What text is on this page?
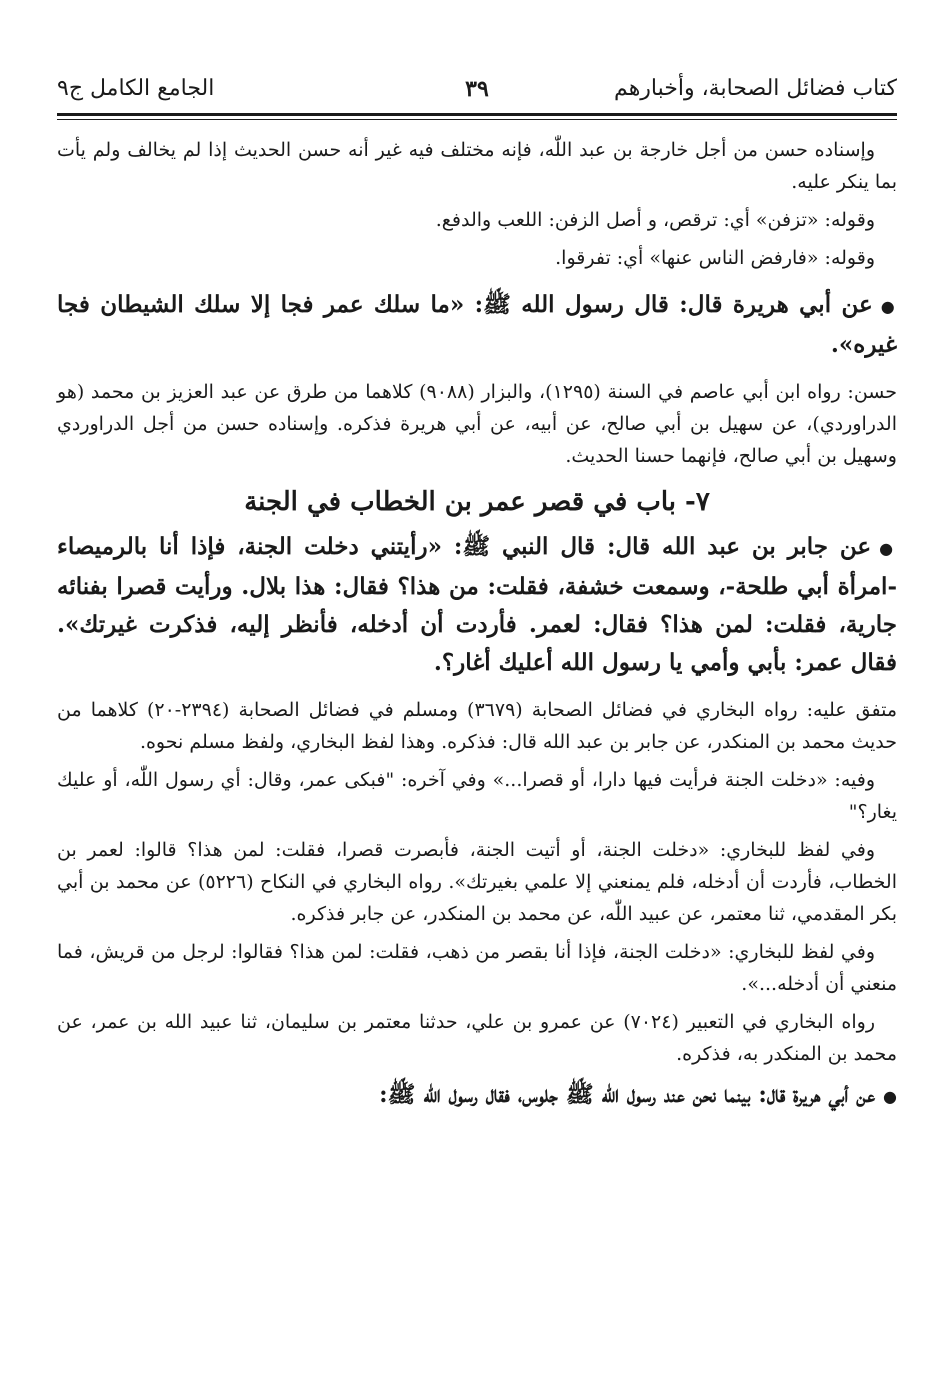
كتاب فضائل الصحابة، وأخبارهم
٣٩
الجامع الكامل ج٩

وإسناده حسن من أجل خارجة بن عبد اللّٰه، فإنه مختلف فيه غير أنه حسن الحديث إذا لم يخالف ولم يأت بما ينكر عليه.

وقوله: «تزفن» أي: ترقص، و أصل الزفن: اللعب والدفع.

وقوله: «فارفض الناس عنها» أي: تفرقوا.

●عن أبي هريرة قال: قال رسول الله ﷺ: «ما سلك عمر فجا إلا سلك الشيطان فجا غيره».

حسن: رواه ابن أبي عاصم في السنة (١٢٩٥)، والبزار (٩٠٨٨) كلاهما من طرق عن عبد العزيز بن محمد (هو الدراوردي)، عن سهيل بن أبي صالح، عن أبيه، عن أبي هريرة فذكره. وإسناده حسن من أجل الدراوردي وسهيل بن أبي صالح، فإنهما حسنا الحديث.

٧- باب في قصر عمر بن الخطاب في الجنة

●عن جابر بن عبد الله قال: قال النبي ﷺ: «رأيتني دخلت الجنة، فإذا أنا بالرميصاء -امرأة أبي طلحة-، وسمعت خشفة، فقلت: من هذا؟ فقال: هذا بلال. ورأيت قصرا بفنائه جارية، فقلت: لمن هذا؟ فقال: لعمر. فأردت أن أدخله، فأنظر إليه، فذكرت غيرتك». فقال عمر: بأبي وأمي يا رسول الله أعليك أغار؟.

متفق عليه: رواه البخاري في فضائل الصحابة (٣٦٧٩) ومسلم في فضائل الصحابة (٢٣٩٤-٢٠) كلاهما من حديث محمد بن المنكدر، عن جابر بن عبد الله قال: فذكره. وهذا لفظ البخاري، ولفظ مسلم نحوه.

وفيه: «دخلت الجنة فرأيت فيها دارا، أو قصرا...» وفي آخره: "فبكى عمر، وقال: أي رسول اللّٰه، أو عليك يغار؟"

وفي لفظ للبخاري: «دخلت الجنة، أو أتيت الجنة، فأبصرت قصرا، فقلت: لمن هذا؟ قالوا: لعمر بن الخطاب، فأردت أن أدخله، فلم يمنعني إلا علمي بغيرتك». رواه البخاري في النكاح (٥٢٢٦) عن محمد بن أبي بكر المقدمي، ثنا معتمر، عن عبيد اللّٰه، عن محمد بن المنكدر، عن جابر فذكره.

وفي لفظ للبخاري: «دخلت الجنة، فإذا أنا بقصر من ذهب، فقلت: لمن هذا؟ فقالوا: لرجل من قريش، فما منعني أن أدخله...».

رواه البخاري في التعبير (٧٠٢٤) عن عمرو بن علي، حدثنا معتمر بن سليمان، ثنا عبيد الله بن عمر، عن محمد بن المنكدر به، فذكره.

●عن أبي هريرة قال: بينما نحن عند رسول الله ﷺ جلوس، فقال رسول الله ﷺ:
